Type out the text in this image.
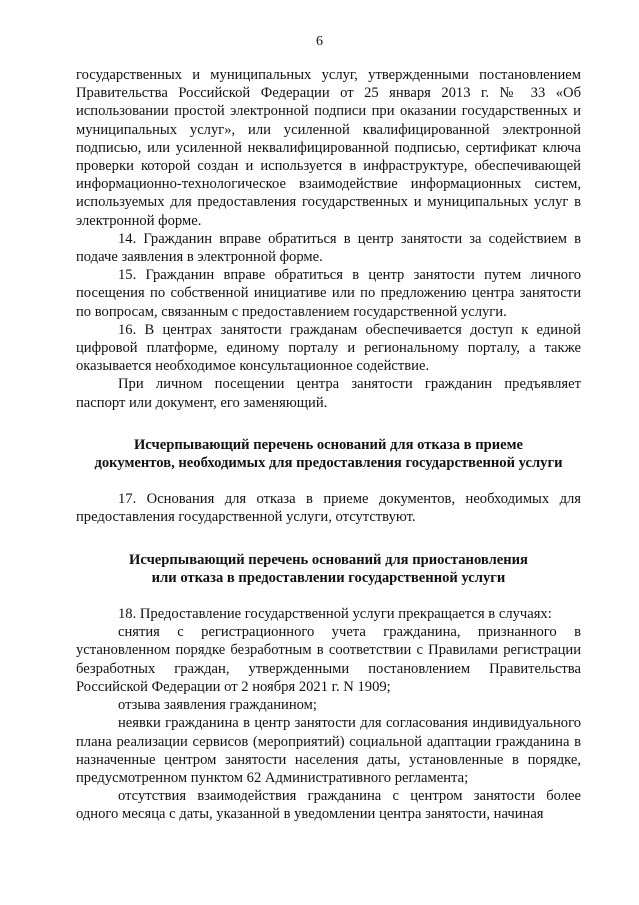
6

государственных и муниципальных услуг, утвержденными постановлением Правительства Российской Федерации от 25 января 2013 г. № 33 «Об использовании простой электронной подписи при оказании государственных и муниципальных услуг», или усиленной квалифицированной электронной подписью, или усиленной неквалифицированной подписью, сертификат ключа проверки которой создан и используется в инфраструктуре, обеспечивающей информационно-технологическое взаимодействие информационных систем, используемых для предоставления государственных и муниципальных услуг в электронной форме.

14. Гражданин вправе обратиться в центр занятости за содействием в подаче заявления в электронной форме.

15. Гражданин вправе обратиться в центр занятости путем личного посещения по собственной инициативе или по предложению центра занятости по вопросам, связанным с предоставлением государственной услуги.

16. В центрах занятости гражданам обеспечивается доступ к единой цифровой платформе, единому порталу и региональному порталу, а также оказывается необходимое консультационное содействие.

При личном посещении центра занятости гражданин предъявляет паспорт или документ, его заменяющий.

Исчерпывающий перечень оснований для отказа в приеме
документов, необходимых для предоставления государственной услуги

17. Основания для отказа в приеме документов, необходимых для предоставления государственной услуги, отсутствуют.

Исчерпывающий перечень оснований для приостановления
или отказа в предоставлении государственной услуги

18. Предоставление государственной услуги прекращается в случаях:

снятия с регистрационного учета гражданина, признанного в установленном порядке безработным в соответствии с Правилами регистрации безработных граждан, утвержденными постановлением Правительства Российской Федерации от 2 ноября 2021 г. N 1909;

отзыва заявления гражданином;

неявки гражданина в центр занятости для согласования индивидуального плана реализации сервисов (мероприятий) социальной адаптации гражданина в назначенные центром занятости населения даты, установленные в порядке, предусмотренном пунктом 62 Административного регламента;

отсутствия взаимодействия гражданина с центром занятости более одного месяца с даты, указанной в уведомлении центра занятости, начиная
